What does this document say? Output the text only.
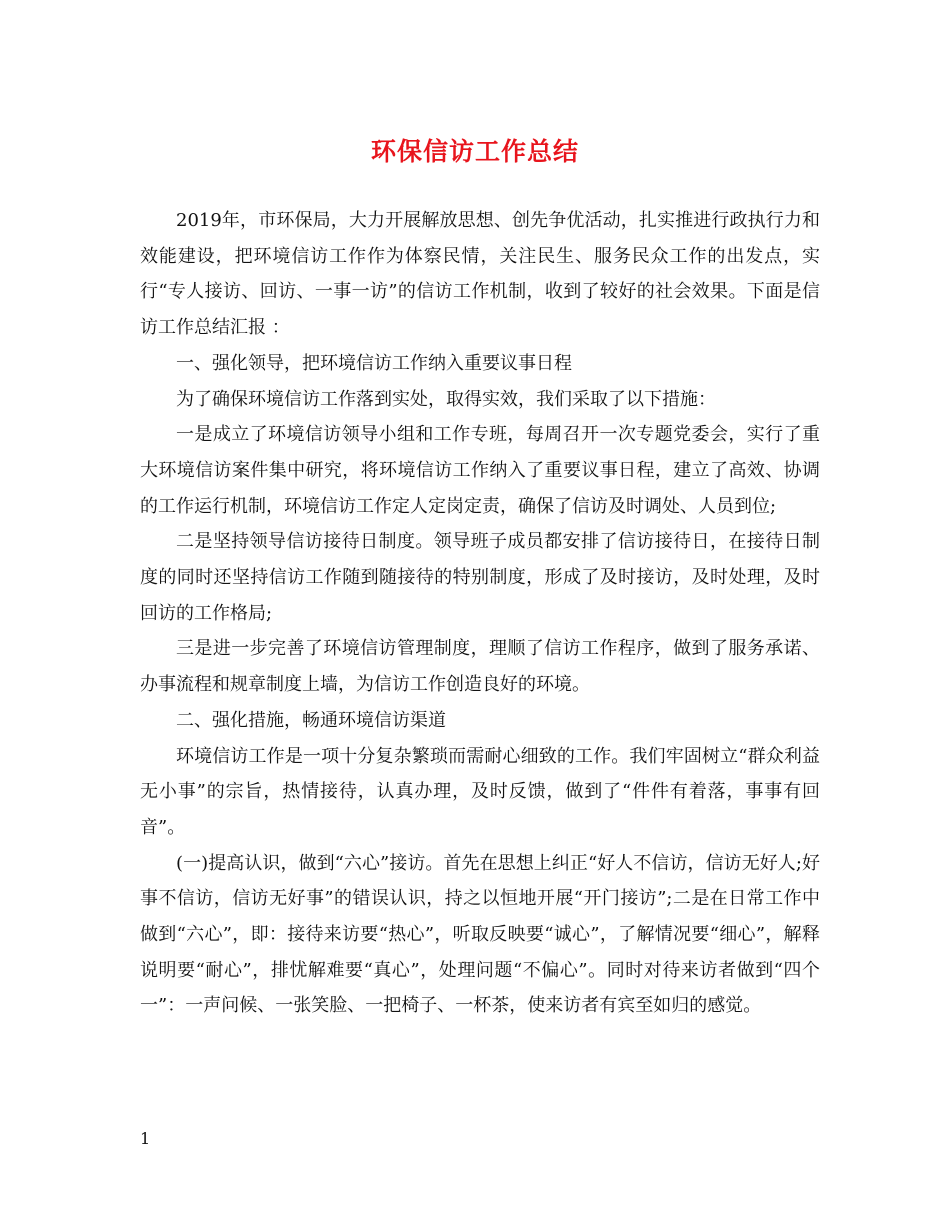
环保信访工作总结

2019年，市环保局，大力开展解放思想、创先争优活动，扎实推进行政执行力和效能建设，把环境信访工作作为体察民情，关注民生、服务民众工作的出发点，实行“专人接访、回访、一事一访”的信访工作机制，收到了较好的社会效果。下面是信访工作总结汇报 ：

一、强化领导，把环境信访工作纳入重要议事日程

为了确保环境信访工作落到实处，取得实效，我们采取了以下措施：

一是成立了环境信访领导小组和工作专班，每周召开一次专题党委会，实行了重大环境信访案件集中研究，将环境信访工作纳入了重要议事日程，建立了高效、协调的工作运行机制，环境信访工作定人定岗定责，确保了信访及时调处、人员到位;

二是坚持领导信访接待日制度。领导班子成员都安排了信访接待日，在接待日制度的同时还坚持信访工作随到随接待的特别制度，形成了及时接访，及时处理，及时回访的工作格局;

三是进一步完善了环境信访管理制度，理顺了信访工作程序，做到了服务承诺、办事流程和规章制度上墙，为信访工作创造良好的环境。

二、强化措施，畅通环境信访渠道

环境信访工作是一项十分复杂繁琐而需耐心细致的工作。我们牢固树立“群众利益无小事”的宗旨，热情接待，认真办理，及时反馈，做到了“件件有着落，事事有回音”。

(一)提高认识，做到“六心”接访。首先在思想上纠正“好人不信访，信访无好人;好事不信访，信访无好事”的错误认识，持之以恒地开展“开门接访”;二是在日常工作中做到“六心”，即：接待来访要“热心”，听取反映要“诚心”，了解情况要“细心”，解释说明要“耐心”，排忧解难要“真心”，处理问题“不偏心”。同时对待来访者做到“四个一”：一声问候、一张笑脸、一把椅子、一杯茶，使来访者有宾至如归的感觉。

1
